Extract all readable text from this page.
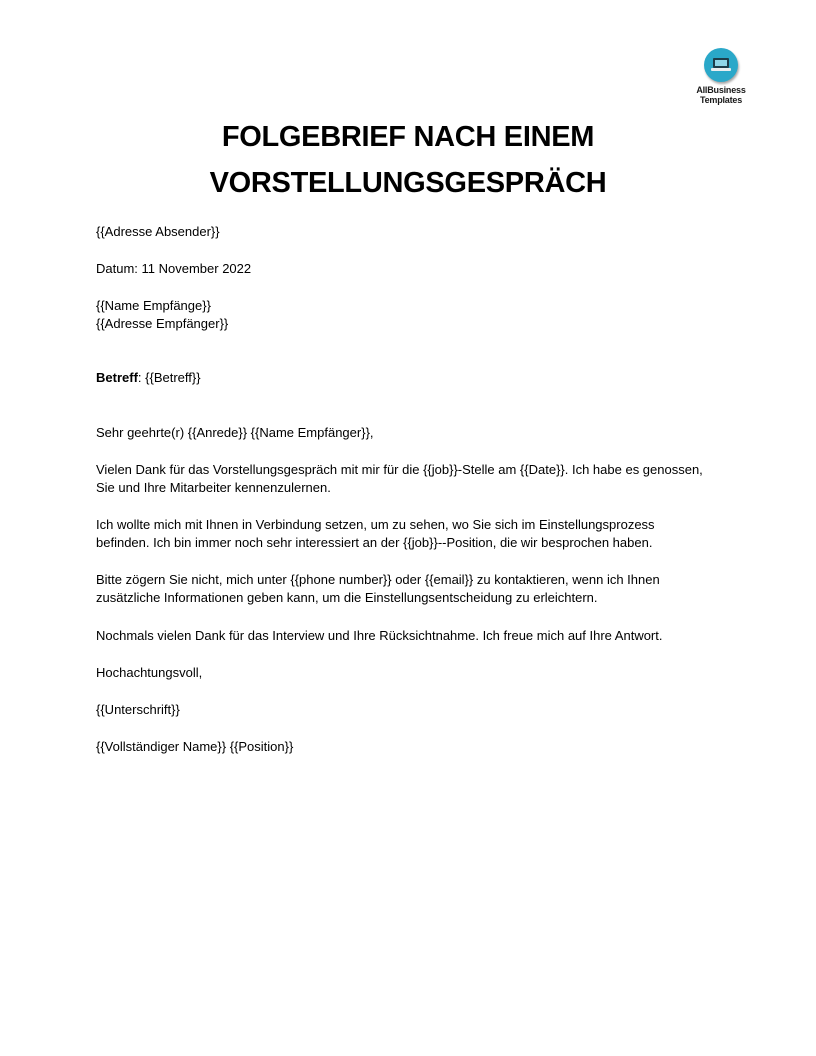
AllBusiness
Templates
FOLGEBRIEF NACH EINEM
VORSTELLUNGSGESPRÄCH
{{Adresse Absender}}
Datum: 11 November 2022
{{Name Empfänge}}
{{Adresse Empfänger}}
Betreff: {{Betreff}}
Sehr geehrte(r) {{Anrede}} {{Name Empfänger}},
Vielen Dank für das Vorstellungsgespräch mit mir für die {{job}}-Stelle am {{Date}}. Ich habe es genossen,
Sie und Ihre Mitarbeiter kennenzulernen.
Ich wollte mich mit Ihnen in Verbindung setzen, um zu sehen, wo Sie sich im Einstellungsprozess
befinden. Ich bin immer noch sehr interessiert an der {{job}}--Position, die wir besprochen haben.
Bitte zögern Sie nicht, mich unter {{phone number}} oder {{email}} zu kontaktieren, wenn ich Ihnen
zusätzliche Informationen geben kann, um die Einstellungsentscheidung zu erleichtern.
Nochmals vielen Dank für das Interview und Ihre Rücksichtnahme. Ich freue mich auf Ihre Antwort.
Hochachtungsvoll,
{{Unterschrift}}
{{Vollständiger Name}} {{Position}}
